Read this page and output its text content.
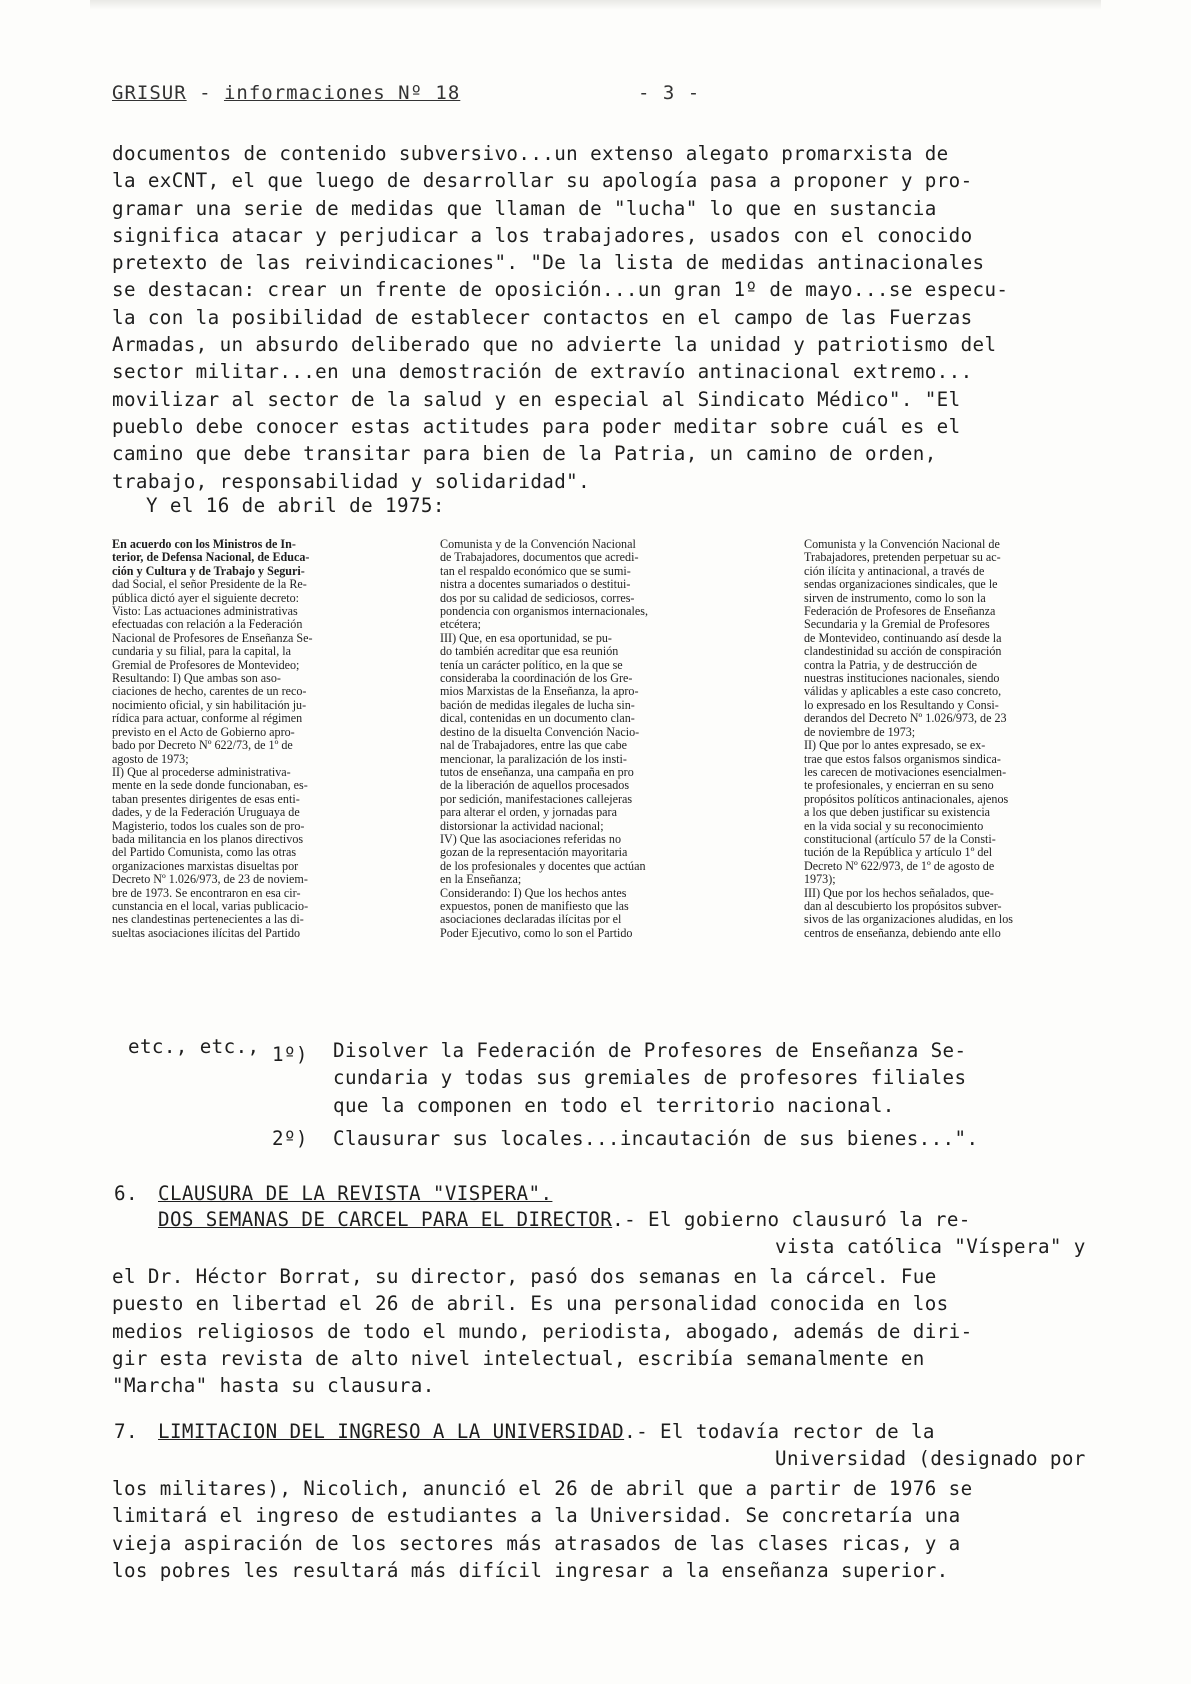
GRISUR - informaciones Nº 18	- 3 -
documentos de contenido subversivo...un extenso alegato promarxista de
la exCNT, el que luego de desarrollar su apología pasa a proponer y pro-
gramar una serie de medidas que llaman de "lucha" lo que en sustancia
significa atacar y perjudicar a los trabajadores, usados con el conocido
pretexto de las reivindicaciones". "De la lista de medidas antinacionales
se destacan: crear un frente de oposición...un gran 1º de mayo...se especu-
la con la posibilidad de establecer contactos en el campo de las Fuerzas
Armadas, un absurdo deliberado que no advierte la unidad y patriotismo del
sector militar...en una demostración de extravío antinacional extremo...
movilizar al sector de la salud y en especial al Sindicato Médico". "El
pueblo debe conocer estas actitudes para poder meditar sobre cuál es el
camino que debe transitar para bien de la Patria, un camino de orden,
trabajo, responsabilidad y solidaridad".
Y el 16 de abril de 1975:
En acuerdo con los Ministros de In-
terior, de Defensa Nacional, de Educa-
ción y Cultura y de Trabajo y Seguri-
dad Social, el señor Presidente de la Re-
pública dictó ayer el siguiente decreto:
Visto: Las actuaciones administrativas
efectuadas con relación a la Federación
Nacional de Profesores de Enseñanza Se-
cundaria y su filial, para la capital, la
Gremial de Profesores de Montevideo;
Resultando: I) Que ambas son aso-
ciaciones de hecho, carentes de un reco-
nocimiento oficial, y sin habilitación ju-
rídica para actuar, conforme al régimen
previsto en el Acto de Gobierno apro-
bado por Decreto Nº 622/73, de 1º de
agosto de 1973;
II) Que al procederse administrativa-
mente en la sede donde funcionaban, es-
taban presentes dirigentes de esas enti-
dades, y de la Federación Uruguaya de
Magisterio, todos los cuales son de pro-
bada militancia en los planos directivos
del Partido Comunista, como las otras
organizaciones marxistas disueltas por
Decreto Nº 1.026/973, de 23 de noviem-
bre de 1973. Se encontraron en esa cir-
cunstancia en el local, varias publicacio-
nes clandestinas pertenecientes a las di-
sueltas asociaciones ilícitas del Partido
Comunista y de la Convención Nacional
de Trabajadores, documentos que acredi-
tan el respaldo económico que se sumi-
nistra a docentes sumariados o destitui-
dos por su calidad de sediciosos, corres-
pondencia con organismos internacionales,
etcétera;
III) Que, en esa oportunidad, se pu-
do también acreditar que esa reunión
tenía un carácter político, en la que se
consideraba la coordinación de los Gre-
mios Marxistas de la Enseñanza, la apro-
bación de medidas ilegales de lucha sin-
dical, contenidas en un documento clan-
destino de la disuelta Convención Nacio-
nal de Trabajadores, entre las que cabe
mencionar, la paralización de los insti-
tutos de enseñanza, una campaña en pro
de la liberación de aquellos procesados
por sedición, manifestaciones callejeras
para alterar el orden, y jornadas para
distorsionar la actividad nacional;
IV) Que las asociaciones referidas no
gozan de la representación mayoritaria
de los profesionales y docentes que actúan
en la Enseñanza;
Considerando: I) Que los hechos antes
expuestos, ponen de manifiesto que las
asociaciones declaradas ilícitas por el
Poder Ejecutivo, como lo son el Partido
Comunista y la Convención Nacional de
Trabajadores, pretenden perpetuar su ac-
ción ilícita y antinacional, a través de
sendas organizaciones sindicales, que le
sirven de instrumento, como lo son la
Federación de Profesores de Enseñanza
Secundaria y la Gremial de Profesores
de Montevideo, continuando así desde la
clandestinidad su acción de conspiración
contra la Patria, y de destrucción de
nuestras instituciones nacionales, siendo
válidas y aplicables a este caso concreto,
lo expresado en los Resultando y Consi-
derandos del Decreto Nº 1.026/973, de 23
de noviembre de 1973;
II) Que por lo antes expresado, se ex-
trae que estos falsos organismos sindica-
les carecen de motivaciones esencialmen-
te profesionales, y encierran en su seno
propósitos políticos antinacionales, ajenos
a los que deben justificar su existencia
en la vida social y su reconocimiento
constitucional (artículo 57 de la Consti-
tución de la República y artículo 1º del
Decreto Nº 622/973, de 1º de agosto de
1973);
III) Que por los hechos señalados, que-
dan al descubierto los propósitos subver-
sivos de las organizaciones aludidas, en los
centros de enseñanza, debiendo ante ello
etc., etc., 1º) Disolver la Federación de Profesores de Enseñanza Se-
cundaria y todas sus gremiales de profesores filiales
que la componen en todo el territorio nacional.
2º) Clausurar sus locales...incautación de sus bienes...".
6. CLAUSURA DE LA REVISTA "VISPERA".
DOS SEMANAS DE CARCEL PARA EL DIRECTOR.- El gobierno clausuró la re-
vista católica "Víspera" y
el Dr. Héctor Borrat, su director, pasó dos semanas en la cárcel. Fue
puesto en libertad el 26 de abril. Es una personalidad conocida en los
medios religiosos de todo el mundo, periodista, abogado, además de diri-
gir esta revista de alto nivel intelectual, escribía semanalmente en
"Marcha" hasta su clausura.
7. LIMITACION DEL INGRESO A LA UNIVERSIDAD.- El todavía rector de la
Universidad (designado por
los militares), Nicolich, anunció el 26 de abril que a partir de 1976 se
limitará el ingreso de estudiantes a la Universidad. Se concretaría una
vieja aspiración de los sectores más atrasados de las clases ricas, y a
los pobres les resultará más difícil ingresar a la enseñanza superior.
